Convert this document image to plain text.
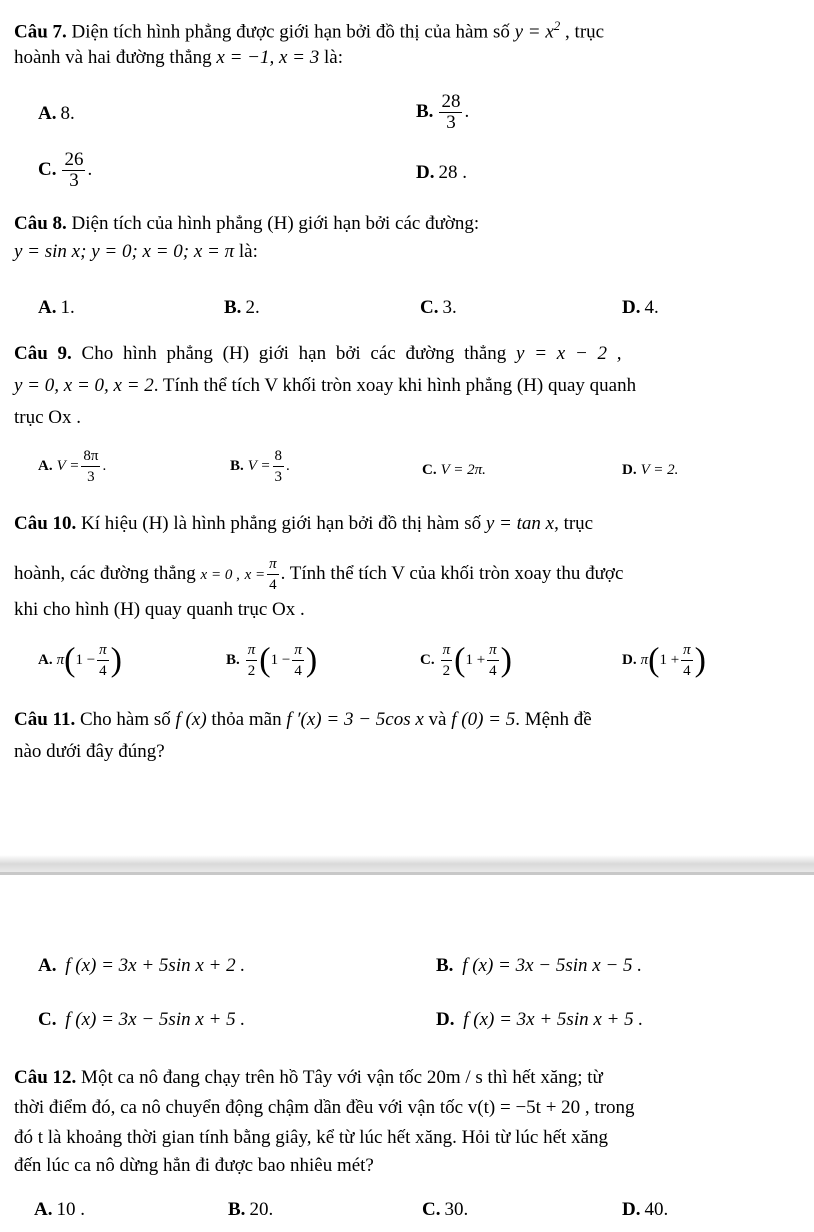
Câu 7. Diện tích hình phẳng được giới hạn bởi đồ thị của hàm số $y = x^2$ , trục
hoành và hai đường thẳng x = −1, x = 3 là:
A. 8.	B. $\frac{28}{3}$ .
C. $\frac{26}{3}$ .	D. 28 .
Câu 8. Diện tích của hình phẳng (H) giới hạn bởi các đường:
y = sin x; y = 0; x = 0; x = π là:
A. 1.	B. 2.	C. 3.	D. 4.
Câu 9. Cho hình phẳng (H) giới hạn bởi các đường thẳng y = x − 2 ,
y = 0, x = 0, x = 2. Tính thể tích V khối tròn xoay khi hình phẳng (H) quay quanh
trục Ox .
A. $V = \frac{8\pi}{3}$ .	B. $V = \frac{8}{3}$ .	C. V = 2π.	D. V = 2.
Câu 10. Kí hiệu (H) là hình phẳng giới hạn bởi đồ thị hàm số y = tan x, trục
hoành, các đường thẳng x = 0 , $x = \frac{\pi}{4}$ . Tính thể tích V của khối tròn xoay thu được
khi cho hình (H) quay quanh trục Ox .
A. $\pi(1 - \frac{\pi}{4}$ )	B. $\frac{\pi}{2} (1 - \frac{\pi}{4}$ )	C. $\frac{\pi}{2} (1 + \frac{\pi}{4}$ )	D. $\pi(1 + \frac{\pi}{4}$ )
Câu 11. Cho hàm số f (x) thỏa mãn f ′(x) = 3 − 5cos x và f (0) = 5. Mệnh đề
nào dưới đây đúng?
A. f (x) = 3x + 5sin x + 2 .	B. f (x) = 3x − 5sin x − 5 .
C. f (x) = 3x − 5sin x + 5 .	D. f (x) = 3x + 5sin x + 5 .
Câu 12. Một ca nô đang chạy trên hồ Tây với vận tốc 20m / s thì hết xăng; từ
thời điểm đó, ca nô chuyển động chậm dần đều với vận tốc v(t) = −5t + 20 , trong
đó t là khoảng thời gian tính bằng giây, kể từ lúc hết xăng. Hỏi từ lúc hết xăng
đến lúc ca nô dừng hẳn đi được bao nhiêu mét?
A. 10 .	B. 20.	C. 30.	D. 40.
